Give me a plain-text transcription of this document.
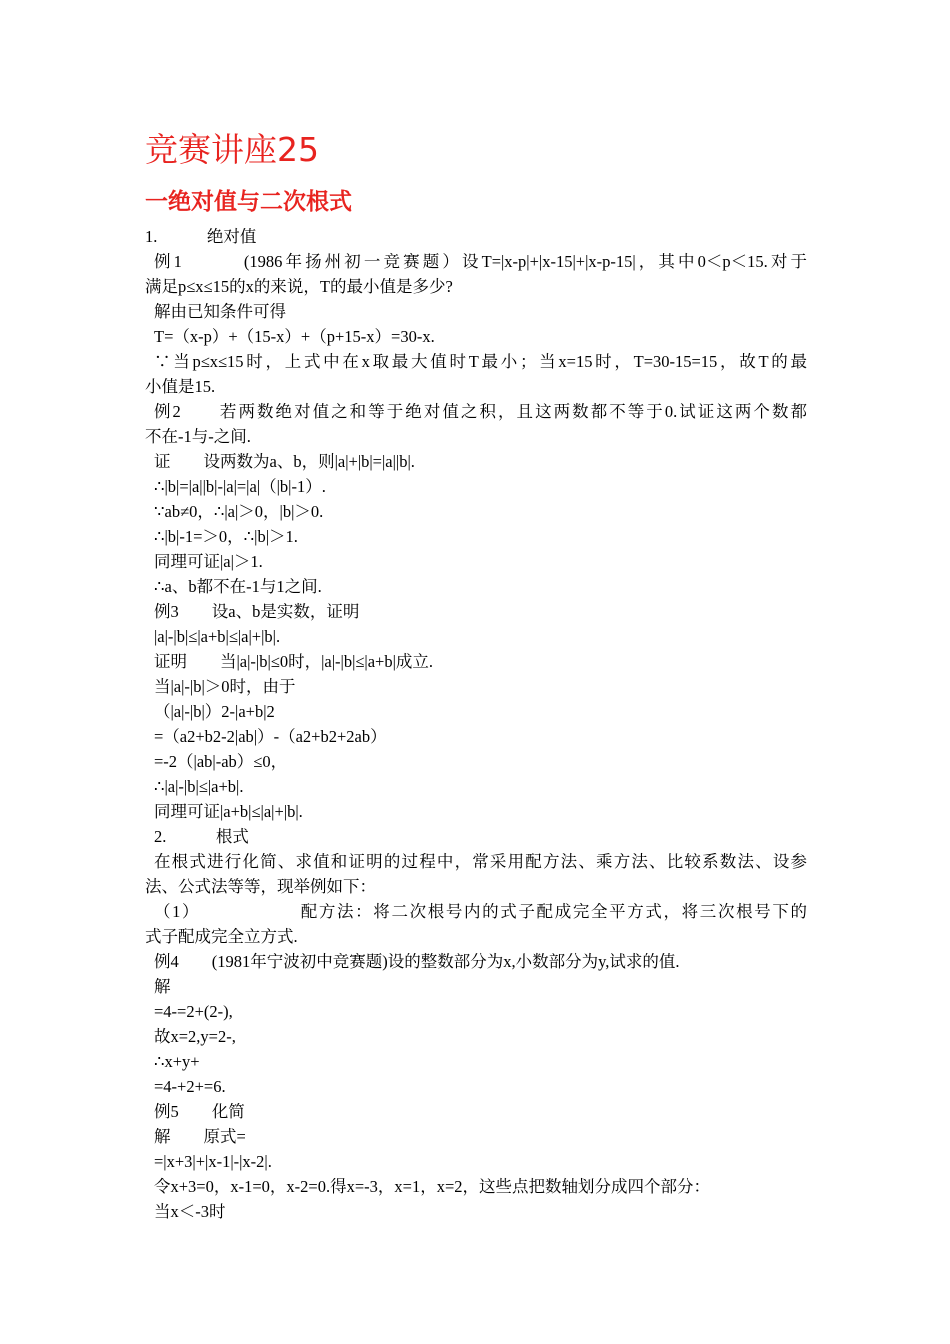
竞赛讲座25
一绝对值与二次根式
1.　　　绝对值
例1　　　(1986年扬州初一竞赛题）设T=|x-p|+|x-15|+|x-p-15|，其中0＜p＜15.对于
满足p≤x≤15的x的来说，T的最小值是多少?
解由已知条件可得
T=（x-p）+（15-x）+（p+15-x）=30-x.
∵当p≤x≤15时，上式中在x取最大值时T最小；当x=15时，T=30-15=15，故T的最
小值是15.
例2　　若两数绝对值之和等于绝对值之积，且这两数都不等于0.试证这两个数都
不在-1与-之间.
证　　设两数为a、b，则|a|+|b|=|a||b|.
∴|b|=|a||b|-|a|=|a|（|b|-1）.
∵ab≠0，∴|a|＞0，|b|＞0.
∴|b|-1=＞0，∴|b|＞1.
同理可证|a|＞1.
∴a、b都不在-1与1之间.
例3　　设a、b是实数，证明
|a|-|b|≤|a+b|≤|a|+|b|.
证明　　当|a|-|b|≤0时，|a|-|b|≤|a+b|成立.
当|a|-|b|＞0时，由于
（|a|-|b|）2-|a+b|2
=（a2+b2-2|ab|）-（a2+b2+2ab）
=-2（|ab|-ab）≤0，
∴|a|-|b|≤|a+b|.
同理可证|a+b|≤|a|+|b|.
2.　　　根式
在根式进行化简、求值和证明的过程中，常采用配方法、乘方法、比较系数法、设参
法、公式法等等，现举例如下：
（1）　　　　　　配方法：将二次根号内的式子配成完全平方式，将三次根号下的
式子配成完全立方式.
例4　　(1981年宁波初中竞赛题)设的整数部分为x,小数部分为y,试求的值.
解
=4-=2+(2-),
故x=2,y=2-,
∴x+y+
=4-+2+=6.
例5　　化简
解　　原式=
=|x+3|+|x-1|-|x-2|.
令x+3=0，x-1=0，x-2=0.得x=-3，x=1，x=2，这些点把数轴划分成四个部分：
当x＜-3时
